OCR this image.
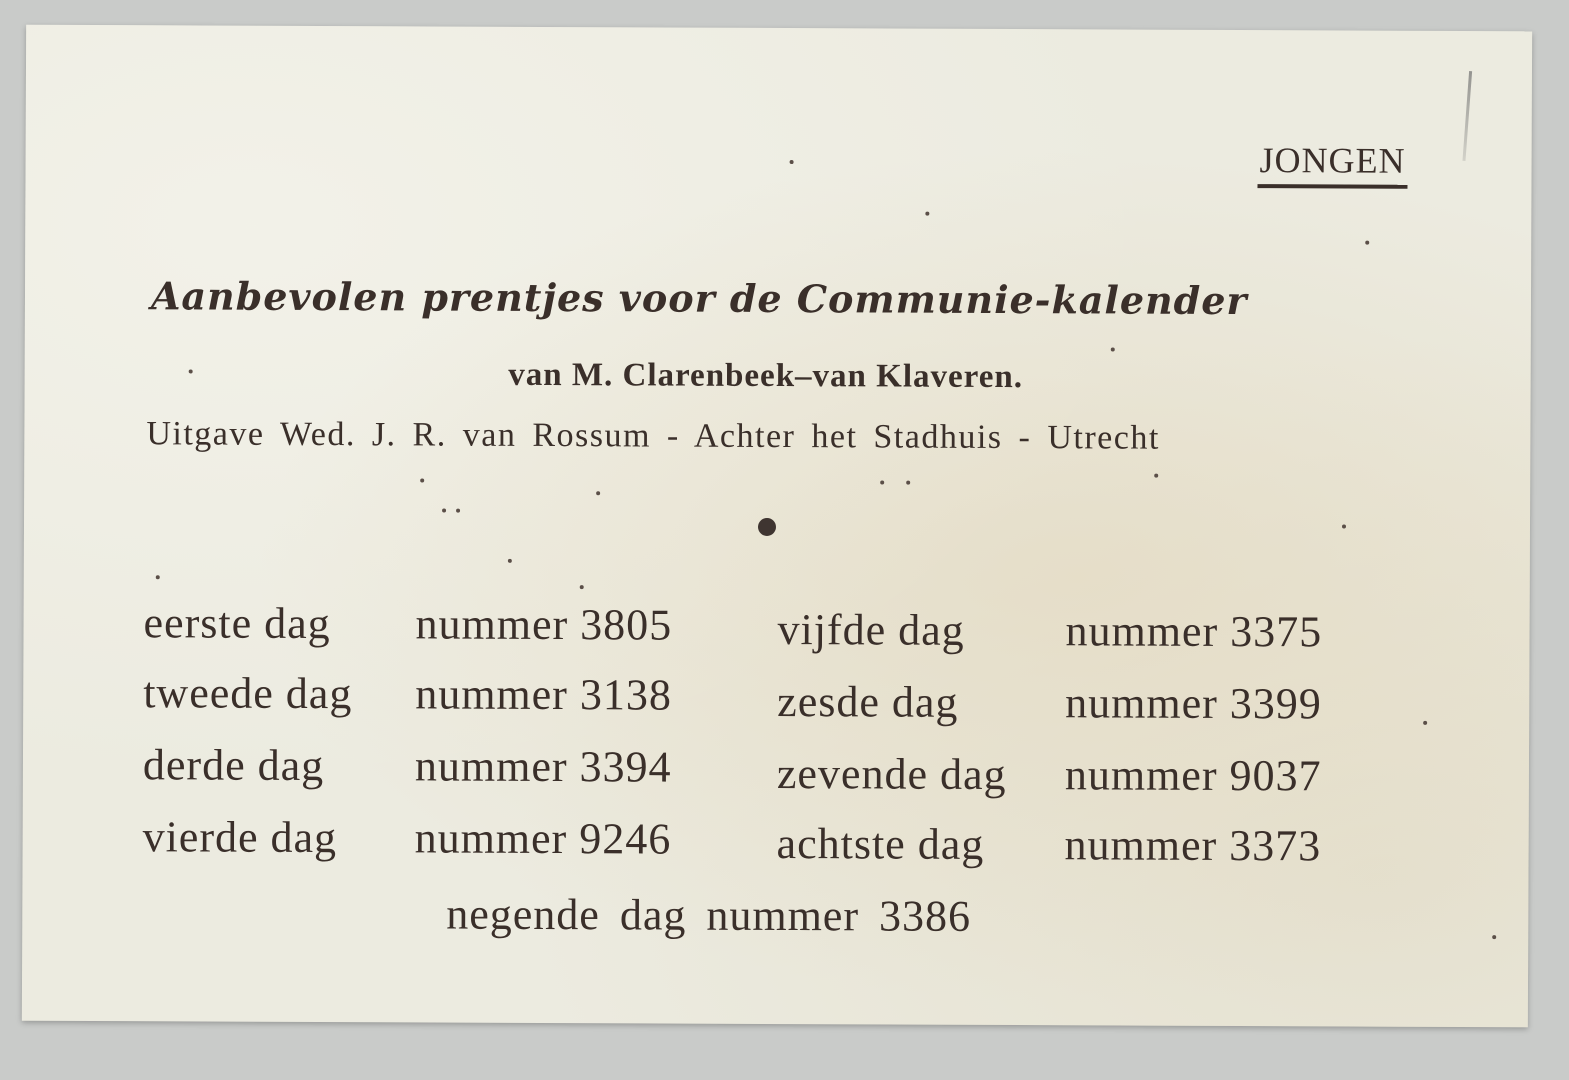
JONGEN
Aanbevolen prentjes voor de Communie-kalender
van M. Clarenbeek–van Klaveren.
Uitgave Wed. J. R. van Rossum - Achter het Stadhuis - Utrecht
eerste dag nummer 3805
tweede dag nummer 3138
derde dag nummer 3394
vierde dag nummer 9246
vijfde dag nummer 3375
zesde dag nummer 3399
zevende dag nummer 9037
achtste dag nummer 3373
negende dag nummer 3386
